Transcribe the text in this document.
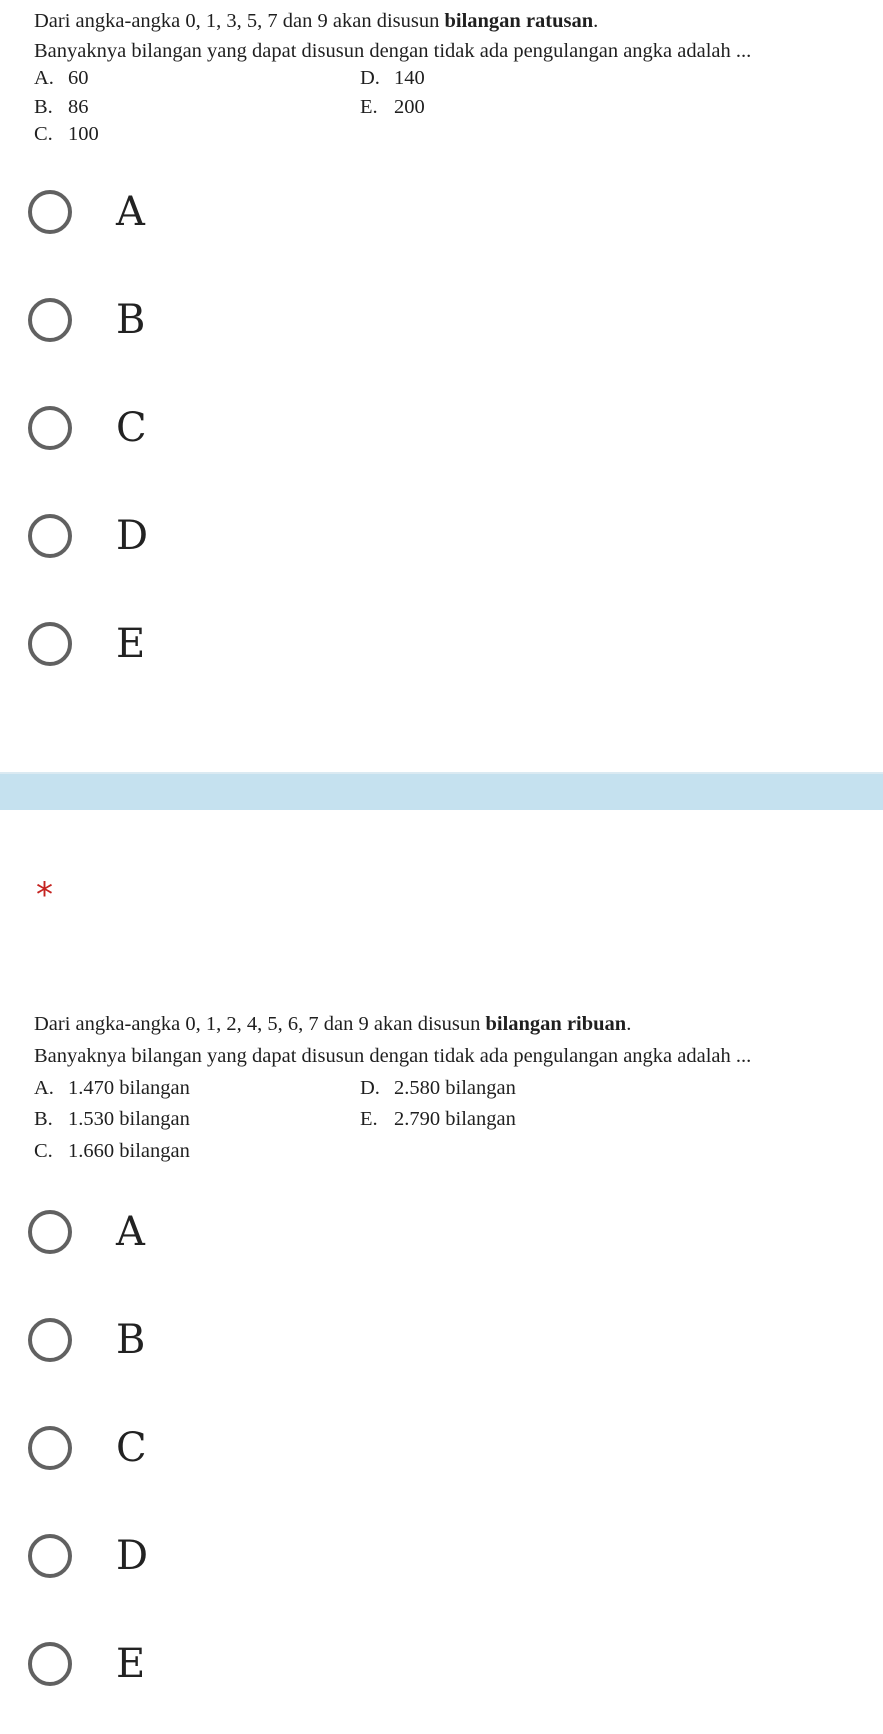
Dari angka-angka 0, 1, 3, 5, 7 dan 9 akan disusun bilangan ratusan.
Banyaknya bilangan yang dapat disusun dengan tidak ada pengulangan angka adalah ...
A. 60
B. 86
C. 100
D. 140
E. 200
A
B
C
D
E
*
Dari angka-angka 0, 1, 2, 4, 5, 6, 7 dan 9 akan disusun bilangan ribuan.
Banyaknya bilangan yang dapat disusun dengan tidak ada pengulangan angka adalah ...
A. 1.470 bilangan
B. 1.530 bilangan
C. 1.660 bilangan
D. 2.580 bilangan
E. 2.790 bilangan
A
B
C
D
E
